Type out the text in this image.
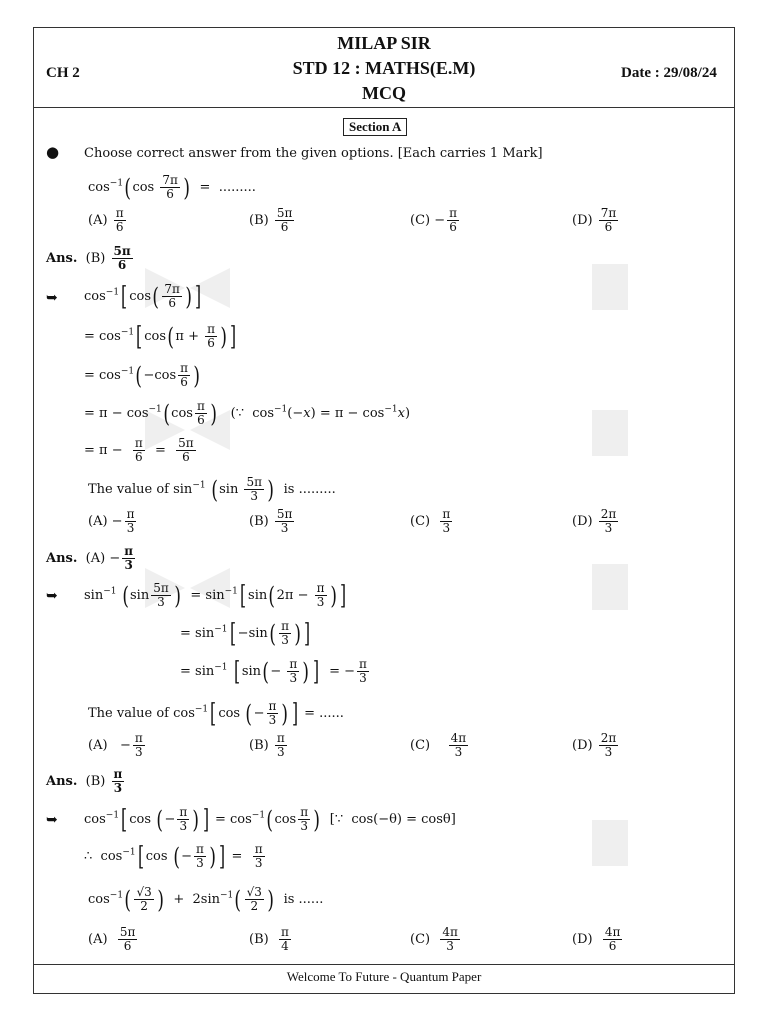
MILAP SIR
STD 12 : MATHS(E.M)
MCQ
CH 2	Date : 29/08/24
Section A
● Choose correct answer from the given options. [Each carries 1 Mark]
$\cos^{-1}(\cos \frac{7\pi}{6}$ )  =  .........
$(A) \frac{\pi}{6}$	$(B) \frac{5\pi}{6}$	$(C) - \frac{\pi}{6}$	$(D) \frac{7\pi}{6}$
Ans. $(B) \frac{5\pi}{6}$
➥ $\cos^{-1}$[ $\cos( \frac{7\pi}{6}$ ) ]
= $\cos^{-1}$[ $\cos(\pi + \frac{\pi}{6}$ ) ]
= $\cos^{-1}(-\cos \frac{\pi}{6}$ )
= $\pi - \cos^{-1}(\cos \frac{\pi}{6}$ )   (∵  $\cos^{-1}(-x) = \pi - \cos^{-1}x$)
= $\pi - \frac{\pi}{6} = \frac{5\pi}{6}$
The value of $\sin^{-1} (\sin \frac{5\pi}{3}$ ) is .........
$(A) - \frac{\pi}{3}$	$(B) \frac{5\pi}{3}$	$(C) \frac{\pi}{3}$	$(D) \frac{2\pi}{3}$
Ans. $(A) - \frac{\pi}{3}$
➥ $\sin^{-1} (\sin \frac{5\pi}{3}$ )  = $\sin^{-1}$[ $\sin(2\pi - \frac{\pi}{3}$ ) ]
= $\sin^{-1}[ -\sin( \frac{\pi}{3}$ ) ]
= $\sin^{-1}$ [ $\sin(- \frac{\pi}{3}$ ) ]  = − $\frac{\pi}{3}$
The value of $\cos^{-1}$[ cos (− $\frac{\pi}{3}$ ) ] = ......
$(A) - \frac{\pi}{3}$	$(B) \frac{\pi}{3}$	$(C) \frac{4\pi}{3}$	$(D) \frac{2\pi}{3}$
Ans. $(B) \frac{\pi}{3}$
➥ $\cos^{-1}$[ cos (− $\frac{\pi}{3}$ ) ] = $\cos^{-1}(\cos \frac{\pi}{3}$ )  [∵  cos(−θ) = cosθ]
∴  $\cos^{-1}$[ cos (− $\frac{\pi}{3}$ ) ] = $\frac{\pi}{3}$
$\cos^{-1}( \frac{√3}{2}$ )  +  $2\sin^{-1}( \frac{√3}{2}$ ) is ......
$(A) \frac{5\pi}{6}$	$(B) \frac{\pi}{4}$	$(C) \frac{4\pi}{3}$	$(D) \frac{4\pi}{6}$
Welcome To Future - Quantum Paper
